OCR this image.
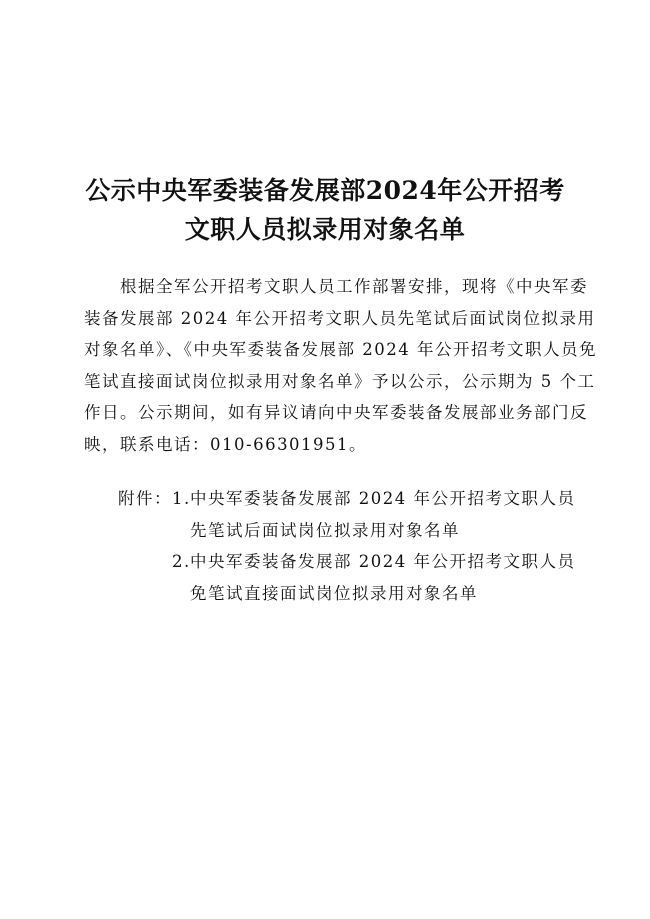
公示中央军委装备发展部2024年公开招考
文职人员拟录用对象名单
根据全军公开招考文职人员工作部署安排，现将《中央军委
装备发展部 2024 年公开招考文职人员先笔试后面试岗位拟录用
对象名单》、《中央军委装备发展部 2024 年公开招考文职人员免
笔试直接面试岗位拟录用对象名单》予以公示，公示期为 5 个工
作日。公示期间，如有异议请向中央军委装备发展部业务部门反
映，联系电话：010-66301951。
附件：1.中央军委装备发展部 2024 年公开招考文职人员
先笔试后面试岗位拟录用对象名单
2.中央军委装备发展部 2024 年公开招考文职人员
免笔试直接面试岗位拟录用对象名单
